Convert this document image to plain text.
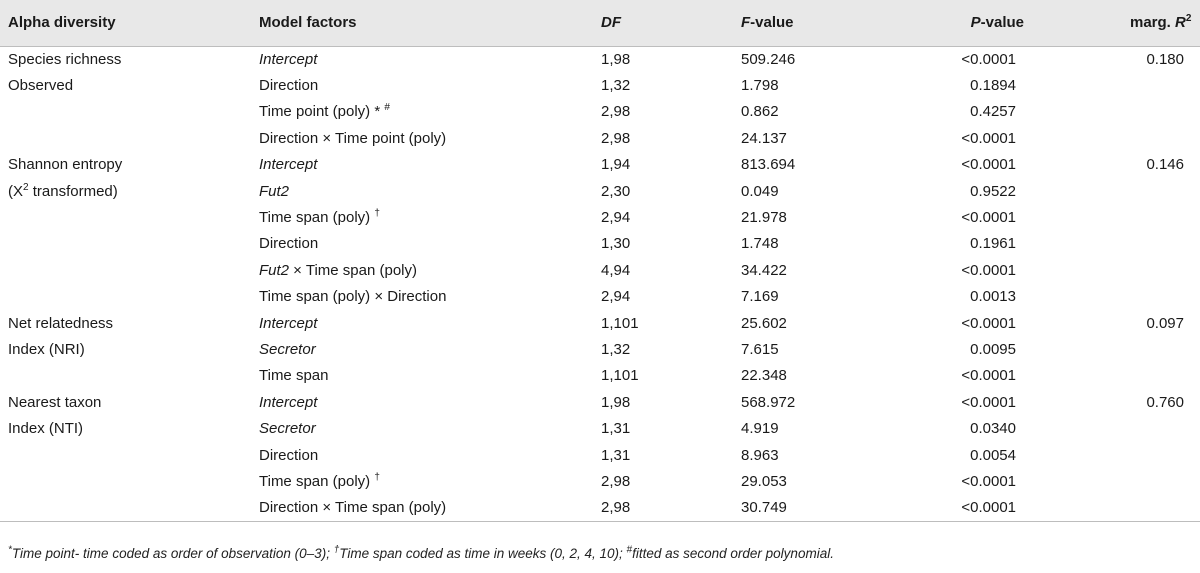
Alpha diversity	Model factors	DF	F-value	P-value	marg. $R^2$
Species richness	Intercept	1,98	509.246	<0.0001	0.180
Observed	Direction	1,32	1.798	0.1894	
	Time point (poly) * #	2,98	0.862	0.4257	
	Direction × Time point (poly)	2,98	24.137	<0.0001	
Shannon entropy	Intercept	1,94	813.694	<0.0001	0.146
($X^2$ transformed)	Fut2	2,30	0.049	0.9522	
	Time span (poly) †	2,94	21.978	<0.0001	
	Direction	1,30	1.748	0.1961	
	Fut2 × Time span (poly)	4,94	34.422	<0.0001	
	Time span (poly) × Direction	2,94	7.169	0.0013	
Net relatedness	Intercept	1,101	25.602	<0.0001	0.097
Index (NRI)	Secretor	1,32	7.615	0.0095	
	Time span	1,101	22.348	<0.0001	
Nearest taxon	Intercept	1,98	568.972	<0.0001	0.760
Index (NTI)	Secretor	1,31	4.919	0.0340	
	Direction	1,31	8.963	0.0054	
	Time span (poly) †	2,98	29.053	<0.0001	
	Direction × Time span (poly)	2,98	30.749	<0.0001	
*Time point- time coded as order of observation (0–3); †Time span coded as time in weeks (0, 2, 4, 10); #fitted as second order polynomial.
